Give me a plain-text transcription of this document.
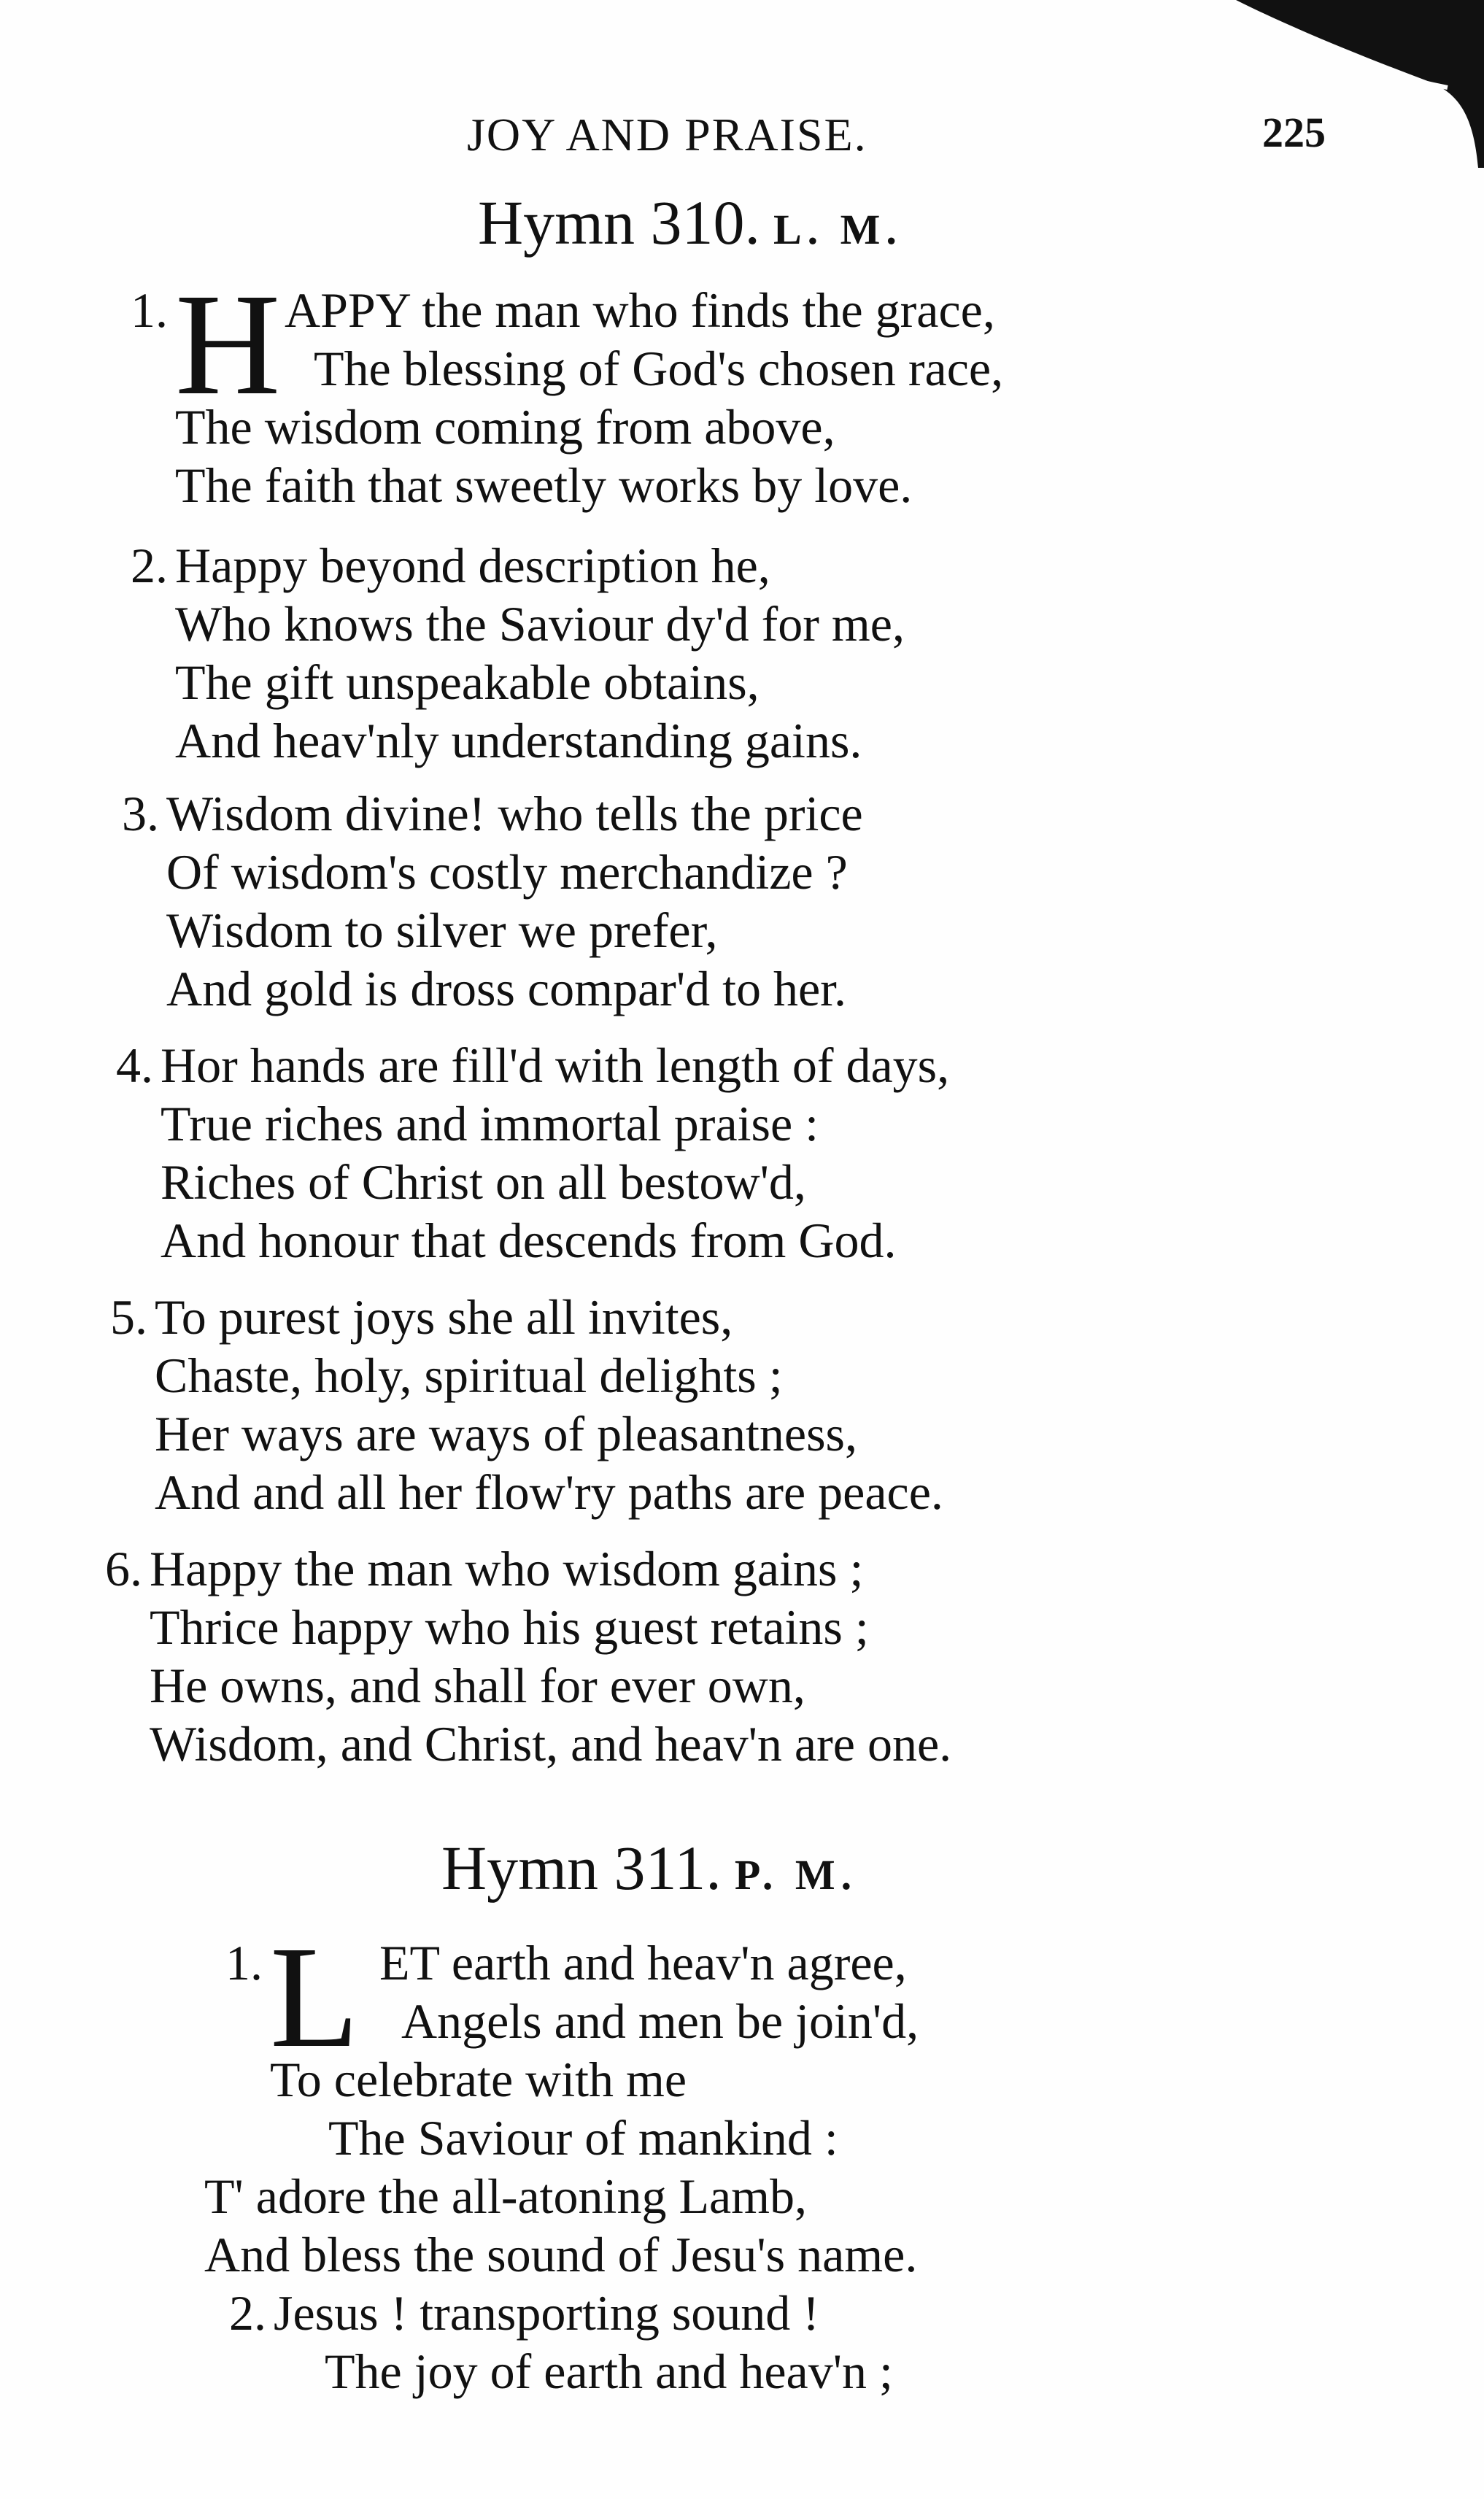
JOY AND PRAISE.	225
Hymn 310. L. M.
1. H APPY the man who finds the grace,
The blessing of God's chosen race,
The wisdom coming from above,
The faith that sweetly works by love.
2. Happy beyond description he,
Who knows the Saviour dy'd for me,
The gift unspeakable obtains,
And heav'nly understanding gains.
3. Wisdom divine! who tells the price
Of wisdom's costly merchandize ?
Wisdom to silver we prefer,
And gold is dross compar'd to her.
4. Hor hands are fill'd with length of days,
True riches and immortal praise :
Riches of Christ on all bestow'd,
And honour that descends from God.
5. To purest joys she all invites,
Chaste, holy, spiritual delights ;
Her ways are ways of pleasantness,
And and all her flow'ry paths are peace.
6. Happy the man who wisdom gains ;
Thrice happy who his guest retains ;
He owns, and shall for ever own,
Wisdom, and Christ, and heav'n are one.
Hymn 311. P. M.
1. L ET earth and heav'n agree,
Angels and men be join'd,
To celebrate with me
The Saviour of mankind :
T' adore the all-atoning Lamb,
And bless the sound of Jesu's name.
2. Jesus ! transporting sound !
The joy of earth and heav'n ;
